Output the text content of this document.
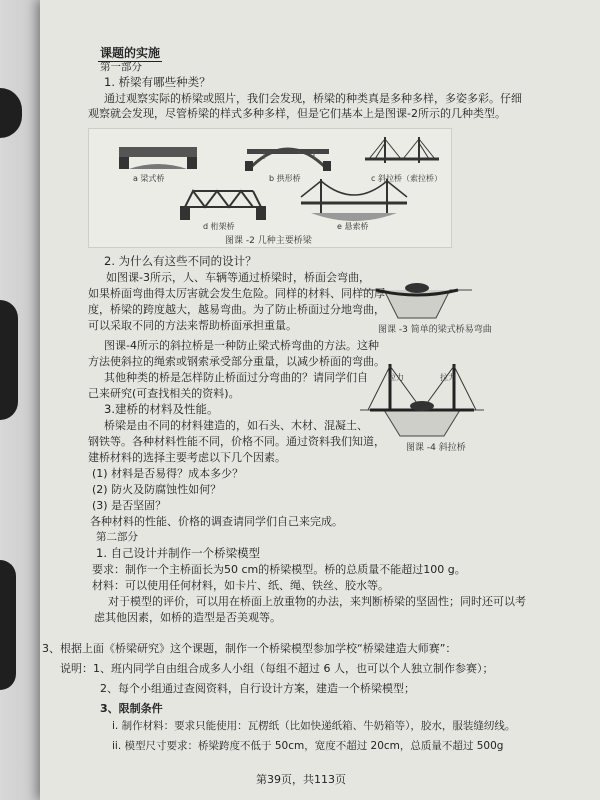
课题的实施
第一部分
1. 桥梁有哪些种类？
通过观察实际的桥梁或照片，我们会发现，桥梁的种类真是多种多样，多姿多彩。仔细
观察就会发现，尽管桥梁的样式多种多样，但是它们基本上是图课-2所示的几种类型。
a 梁式桥	b 拱形桥	c 斜拉桥（索拉桥）
d 桁架桥	e 悬索桥
图课 -2 几种主要桥梁
2. 为什么有这些不同的设计？
如图课-3所示，人、车辆等通过桥梁时，桥面会弯曲，
如果桥面弯曲得太厉害就会发生危险。同样的材料、同样的厚
度，桥梁的跨度越大，越易弯曲。为了防止桥面过分地弯曲，
可以采取不同的方法来帮助桥面承担重量。
图课-4所示的斜拉桥是一种防止梁式桥弯曲的方法。这种
方法使斜拉的绳索或钢索承受部分重量，以减少桥面的弯曲。
其他种类的桥是怎样防止桥面过分弯曲的？请同学们自
己来研究(可查找相关的资料)。
图课 -3 简单的梁式桥易弯曲
拉力	拉力
图课 -4 斜拉桥
3.建桥的材料及性能。
桥梁是由不同的材料建造的，如石头、木材、混凝土、
钢铁等。各种材料性能不同，价格不同。通过资料我们知道，
建桥材料的选择主要考虑以下几个因素。
(1) 材料是否易得？成本多少？
(2) 防火及防腐蚀性如何？
(3) 是否坚固？
各种材料的性能、价格的调查请同学们自己来完成。
第二部分
1. 自己设计并制作一个桥梁模型
要求：制作一个主桥面长为50 cm的桥梁模型。桥的总质量不能超过100 g。
材料：可以使用任何材料，如卡片、纸、绳、铁丝、胶水等。
对于模型的评价，可以用在桥面上放重物的办法，来判断桥梁的坚固性；同时还可以考
虑其他因素，如桥的造型是否美观等。
3、根据上面《桥梁研究》这个课题，制作一个桥梁模型参加学校“桥梁建造大师赛”：
说明：1、班内同学自由组合成多人小组（每组不超过 6 人，也可以个人独立制作参赛）；
2、每个小组通过查阅资料，自行设计方案，建造一个桥梁模型；
3、限制条件
i. 制作材料：要求只能使用：瓦楞纸（比如快递纸箱、牛奶箱等），胶水，服装缝纫线。
ii. 模型尺寸要求：桥梁跨度不低于 50cm，宽度不超过 20cm，总质量不超过 500g
第39页，共113页
